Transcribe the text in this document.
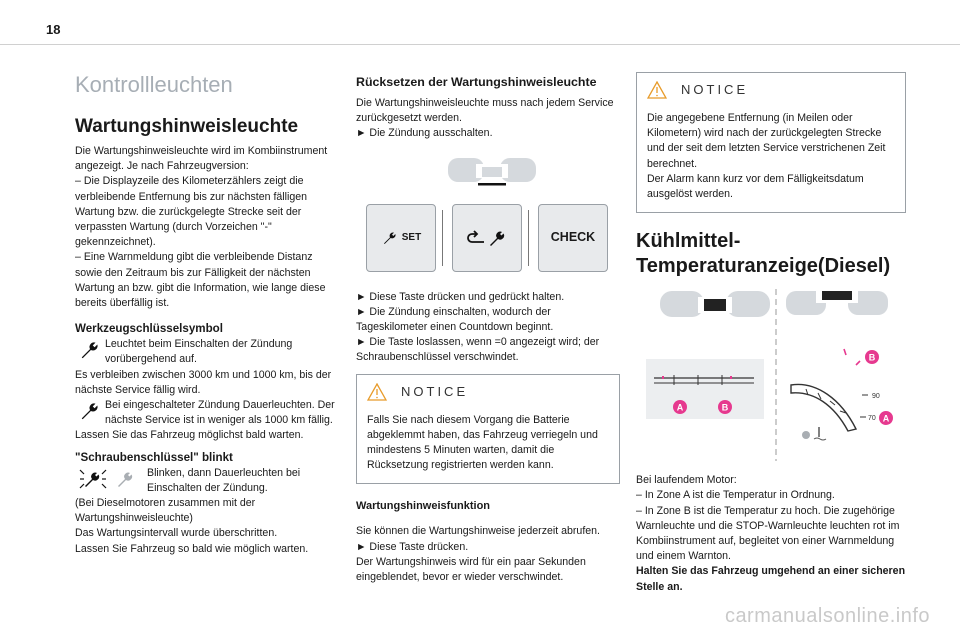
18
Kontrollleuchten
Wartungshinweisleuchte

Die Wartungshinweisleuchte wird im Kombiinstrument angezeigt. Je nach Fahrzeugversion:

– Die Displayzeile des Kilometerzählers zeigt die verbleibende Entfernung bis zur nächsten fälligen Wartung bzw. die zurückgelegte Strecke seit der verpassten Wartung (durch Vorzeichen "-" gekennzeichnet).

– Eine Warnmeldung gibt die verbleibende Distanz sowie den Zeitraum bis zur Fälligkeit der nächsten Wartung an bzw. gibt die Information, wie lange diese bereits überfällig ist.

Werkzeugschlüsselsymbol

Leuchtet beim Einschalten der Zündung vorübergehend auf.

Es verbleiben zwischen 3000 km und 1000 km, bis der nächste Service fällig wird.

Bei eingeschalteter Zündung Dauerleuchten. Der nächste Service ist in weniger als 1000 km fällig.

Lassen Sie das Fahrzeug möglichst bald warten.

"Schraubenschlüssel" blinkt

Blinken, dann Dauerleuchten bei Einschalten der Zündung.

(Bei Dieselmotoren zusammen mit der Wartungshinweisleuchte)

Das Wartungsintervall wurde überschritten.

Lassen Sie Fahrzeug so bald wie möglich warten.

Rücksetzen der Wartungshinweisleuchte

Die Wartungshinweisleuchte muss nach jedem Service zurückgesetzt werden.

► Die Zündung ausschalten.

SET	CHECK

► Diese Taste drücken und gedrückt halten.

► Die Zündung einschalten, wodurch der Tageskilometer einen Countdown beginnt.

► Die Taste loslassen, wenn =0 angezeigt wird; der Schraubenschlüssel verschwindet.

NOTICE

Falls Sie nach diesem Vorgang die Batterie abgeklemmt haben, das Fahrzeug verriegeln und mindestens 5 Minuten warten, damit die Rücksetzung registrierten werden kann.

Wartungshinweisfunktion

Sie können die Wartungshinweise jederzeit abrufen.

► Diese Taste drücken.

Der Wartungshinweis wird für ein paar Sekunden eingeblendet, bevor er wieder verschwindet.

NOTICE

Die angegebene Entfernung (in Meilen oder Kilometern) wird nach der zurückgelegten Strecke und der seit dem letzten Service verstrichenen Zeit berechnet.

Der Alarm kann kurz vor dem Fälligkeitsdatum ausgelöst werden.

Kühlmittel-Temperaturanzeige(Diesel)
A	B
B
90
70 A

Bei laufendem Motor:

– In Zone A ist die Temperatur in Ordnung.

– In Zone B ist die Temperatur zu hoch. Die zugehörige Warnleuchte und die STOP-Warnleuchte leuchten rot im Kombiinstrument auf, begleitet von einer Warnmeldung und einem Warnton.

Halten Sie das Fahrzeug umgehend an einer sicheren Stelle an.

carmanualsonline.info
